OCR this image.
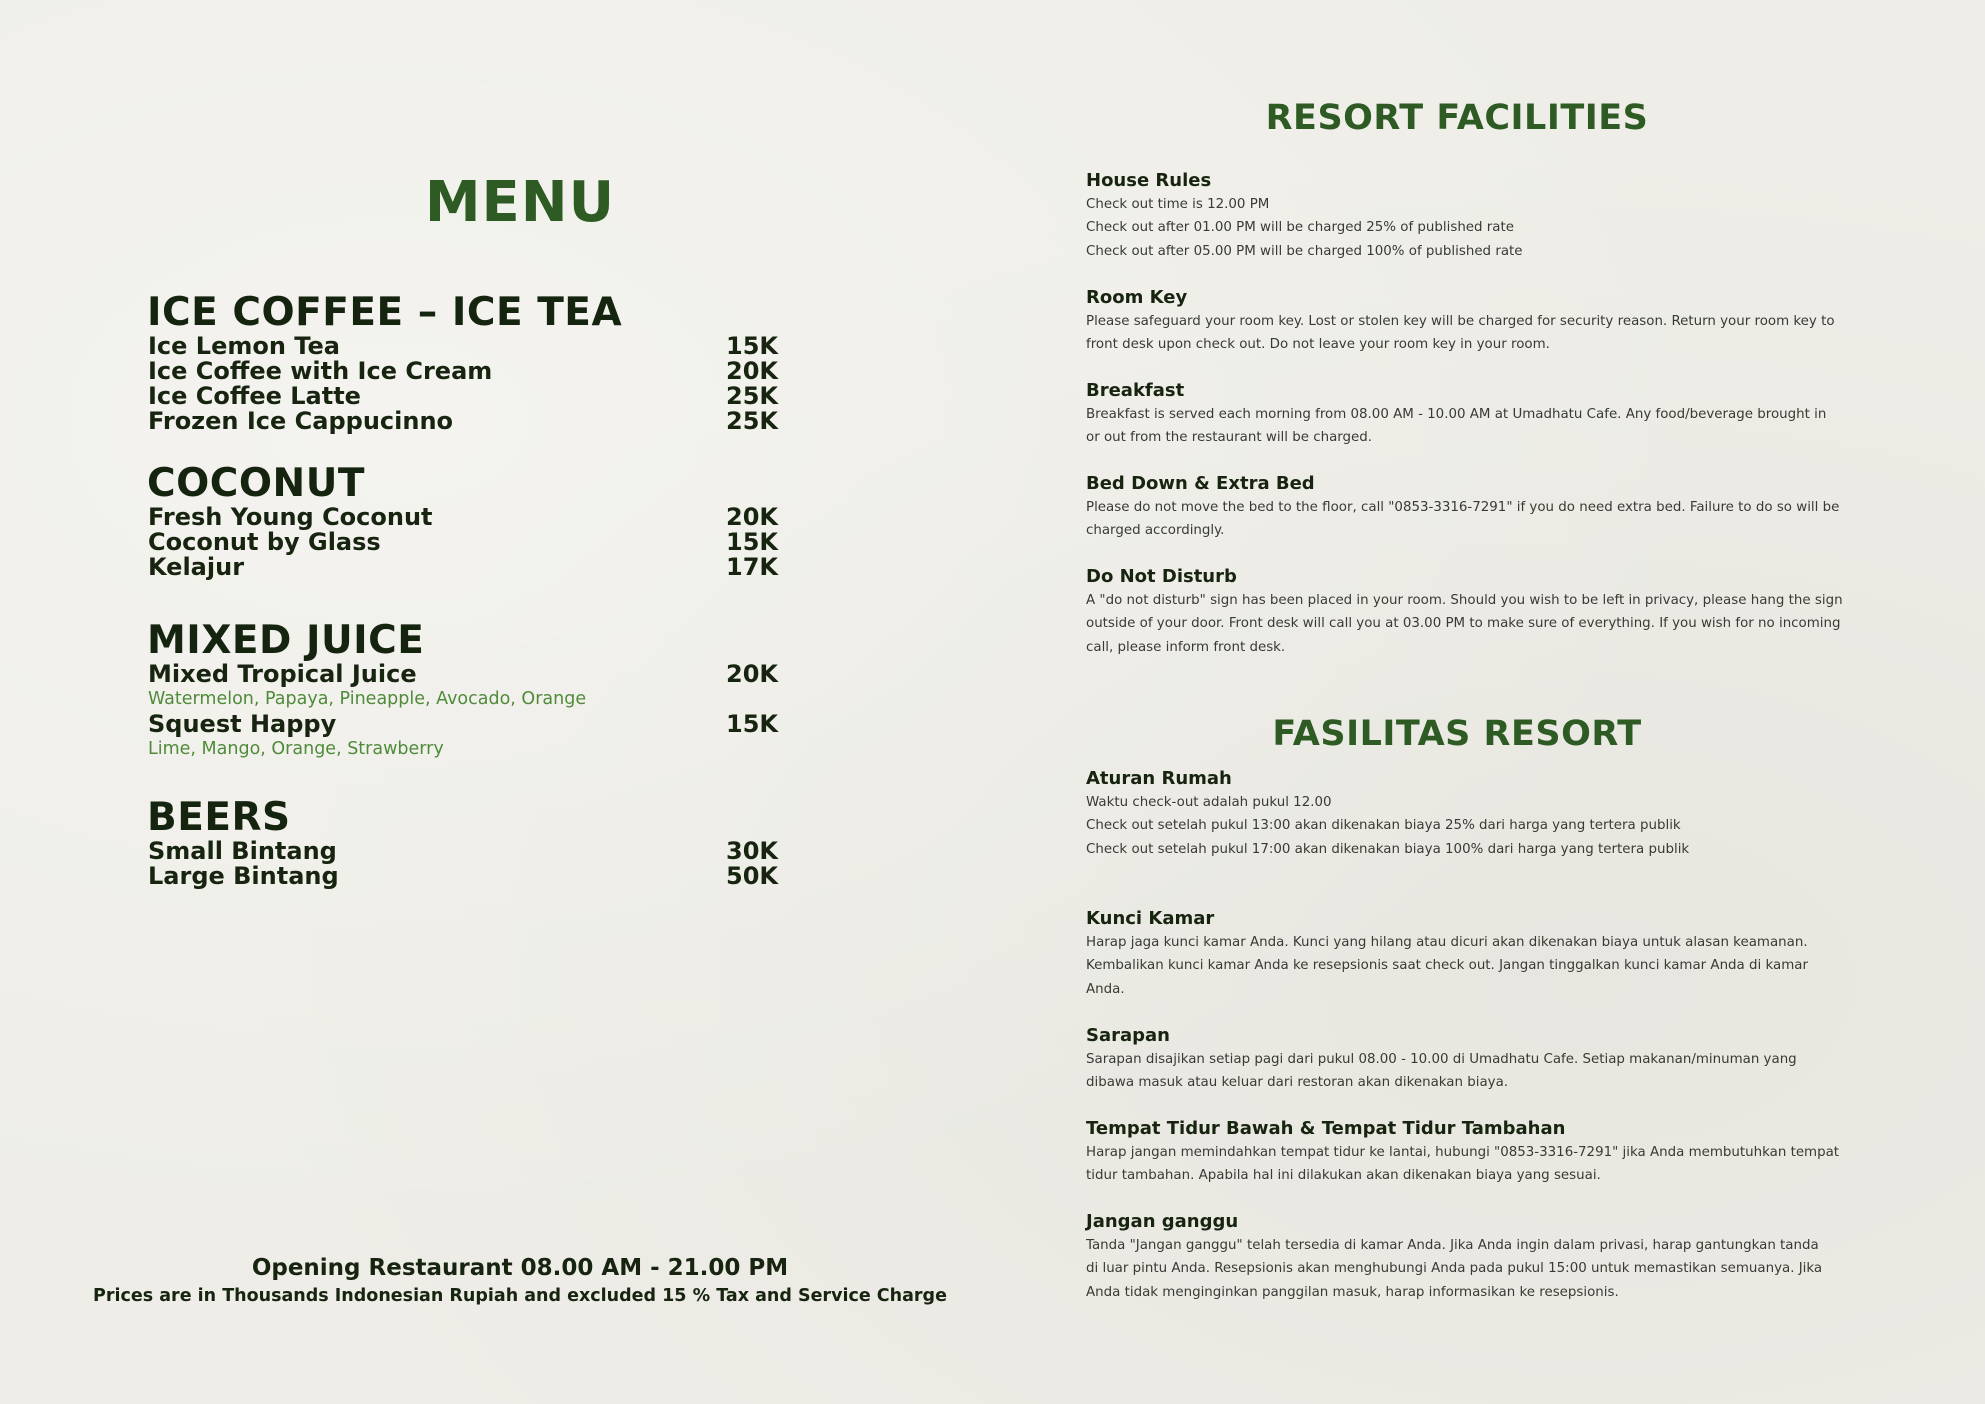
MENU
ICE COFFEE – ICE TEA
Ice Lemon Tea	15K
Ice Coffee with Ice Cream	20K
Ice Coffee Latte	25K
Frozen Ice Cappucinno	25K
COCONUT
Fresh Young Coconut	20K
Coconut by Glass	15K
Kelajur	17K
MIXED JUICE
Mixed Tropical Juice	20K
Watermelon, Papaya, Pineapple, Avocado, Orange
Squest Happy	15K
Lime, Mango, Orange, Strawberry
BEERS
Small Bintang	30K
Large Bintang	50K

Opening Restaurant 08.00 AM - 21.00 PM

Prices are in Thousands Indonesian Rupiah and excluded 15 % Tax and Service Charge

RESORT FACILITIES

House Rules

Check out time is 12.00 PM

Check out after 01.00 PM will be charged 25% of published rate

Check out after 05.00 PM will be charged 100% of published rate

Room Key

Please safeguard your room key. Lost or stolen key will be charged for security reason. Return your room key to

front desk upon check out. Do not leave your room key in your room.

Breakfast

Breakfast is served each morning from 08.00 AM - 10.00 AM at Umadhatu Cafe. Any food/beverage brought in

or out from the restaurant will be charged.

Bed Down & Extra Bed

Please do not move the bed to the floor, call "0853-3316-7291" if you do need extra bed. Failure to do so will be

charged accordingly.

Do Not Disturb

A "do not disturb" sign has been placed in your room. Should you wish to be left in privacy, please hang the sign

outside of your door. Front desk will call you at 03.00 PM to make sure of everything. If you wish for no incoming

call, please inform front desk.

FASILITAS RESORT

Aturan Rumah

Waktu check-out adalah pukul 12.00

Check out setelah pukul 13:00 akan dikenakan biaya 25% dari harga yang tertera publik

Check out setelah pukul 17:00 akan dikenakan biaya 100% dari harga yang tertera publik

Kunci Kamar

Harap jaga kunci kamar Anda. Kunci yang hilang atau dicuri akan dikenakan biaya untuk alasan keamanan.

Kembalikan kunci kamar Anda ke resepsionis saat check out. Jangan tinggalkan kunci kamar Anda di kamar

Anda.

Sarapan

Sarapan disajikan setiap pagi dari pukul 08.00 - 10.00 di Umadhatu Cafe. Setiap makanan/minuman yang

dibawa masuk atau keluar dari restoran akan dikenakan biaya.

Tempat Tidur Bawah & Tempat Tidur Tambahan

Harap jangan memindahkan tempat tidur ke lantai, hubungi "0853-3316-7291" jika Anda membutuhkan tempat

tidur tambahan. Apabila hal ini dilakukan akan dikenakan biaya yang sesuai.

Jangan ganggu

Tanda "Jangan ganggu" telah tersedia di kamar Anda. Jika Anda ingin dalam privasi, harap gantungkan tanda

di luar pintu Anda. Resepsionis akan menghubungi Anda pada pukul 15:00 untuk memastikan semuanya. Jika

Anda tidak menginginkan panggilan masuk, harap informasikan ke resepsionis.
